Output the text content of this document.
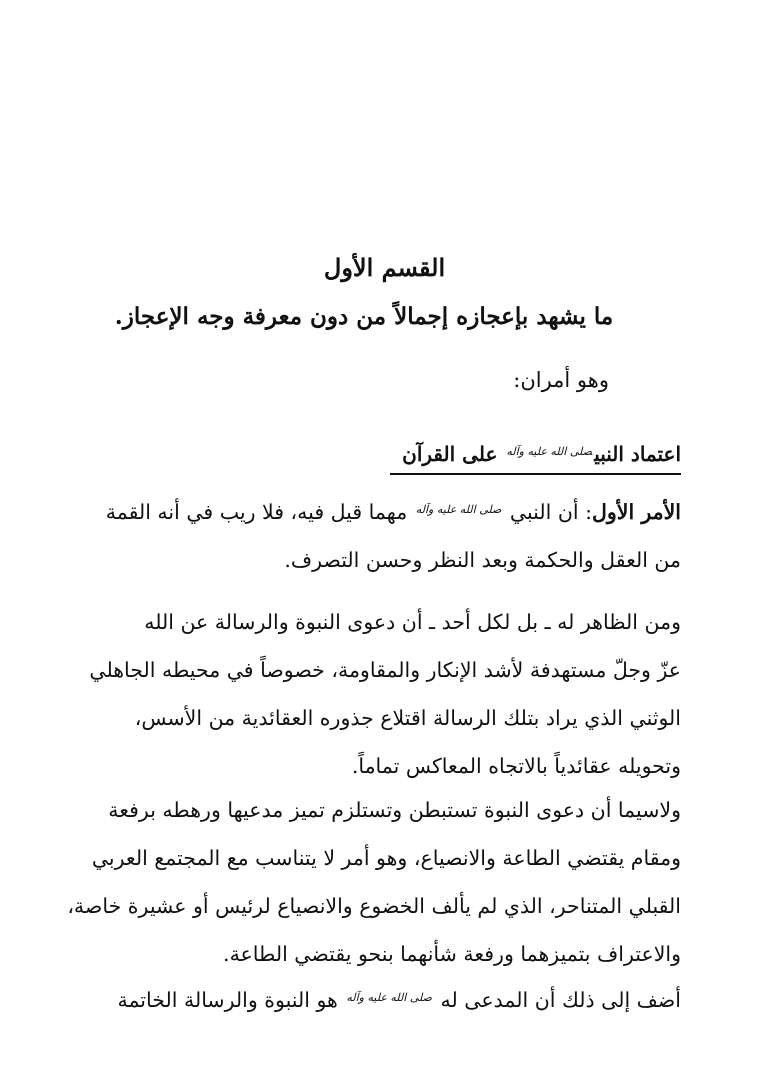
القسم الأول
ما يشهد بإعجازه إجمالاً من دون معرفة وجه الإعجاز.

وهو أمران:

اعتماد النبي$^{صلى الله عليه وآله}$ على القرآن

الأمر الأول: أن النبي $^{صلى الله عليه وآله}$ مهما قيل فيه، فلا ريب في أنه القمة
من العقل والحكمة وبعد النظر وحسن التصرف.

ومن الظاهر له ـ بل لكل أحد ـ أن دعوى النبوة والرسالة عن الله
عزّ وجلّ مستهدفة لأشد الإنكار والمقاومة، خصوصاً في محيطه الجاهلي
الوثني الذي يراد بتلك الرسالة اقتلاع جذوره العقائدية من الأسس،
وتحويله عقائدياً بالاتجاه المعاكس تماماً.

ولاسيما أن دعوى النبوة تستبطن وتستلزم تميز مدعيها ورهطه برفعة
ومقام يقتضي الطاعة والانصياع، وهو أمر لا يتناسب مع المجتمع العربي
القبلي المتناحر، الذي لم يألف الخضوع والانصياع لرئيس أو عشيرة خاصة،
والاعتراف بتميزهما ورفعة شأنهما بنحو يقتضي الطاعة.

أضف إلى ذلك أن المدعى له $^{صلى الله عليه وآله}$ هو النبوة والرسالة الخاتمة
